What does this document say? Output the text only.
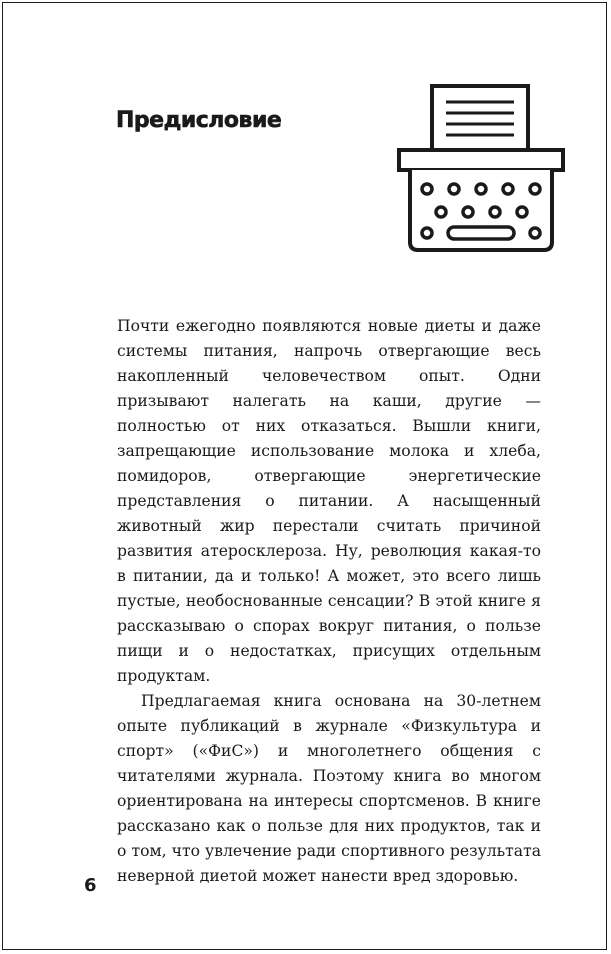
Предисловие

Почти ежегодно появляются новые диеты и даже системы питания, напрочь отвергающие весь накопленный человечеством опыт. Одни призывают налегать на каши, другие — полностью от них отказаться. Вышли книги, запрещающие использование молока и хлеба, помидоров, отвергающие энергетические представления о питании. А насыщенный животный жир перестали считать причиной развития атеросклероза. Ну, революция какая-то в питании, да и только! А может, это всего лишь пустые, необоснованные сенсации? В этой книге я рассказываю о спорах вокруг питания, о пользе пищи и о недостатках, присущих отдельным продуктам.

Предлагаемая книга основана на 30-летнем опыте публикаций в журнале «Физкультура и спорт» («ФиС») и многолетнего общения с читателями журнала. Поэтому книга во многом ориентирована на интересы спортсменов. В книге рассказано как о пользе для них продуктов, так и о том, что увлечение ради спортивного результата неверной диетой может нанести вред здоровью.

6
